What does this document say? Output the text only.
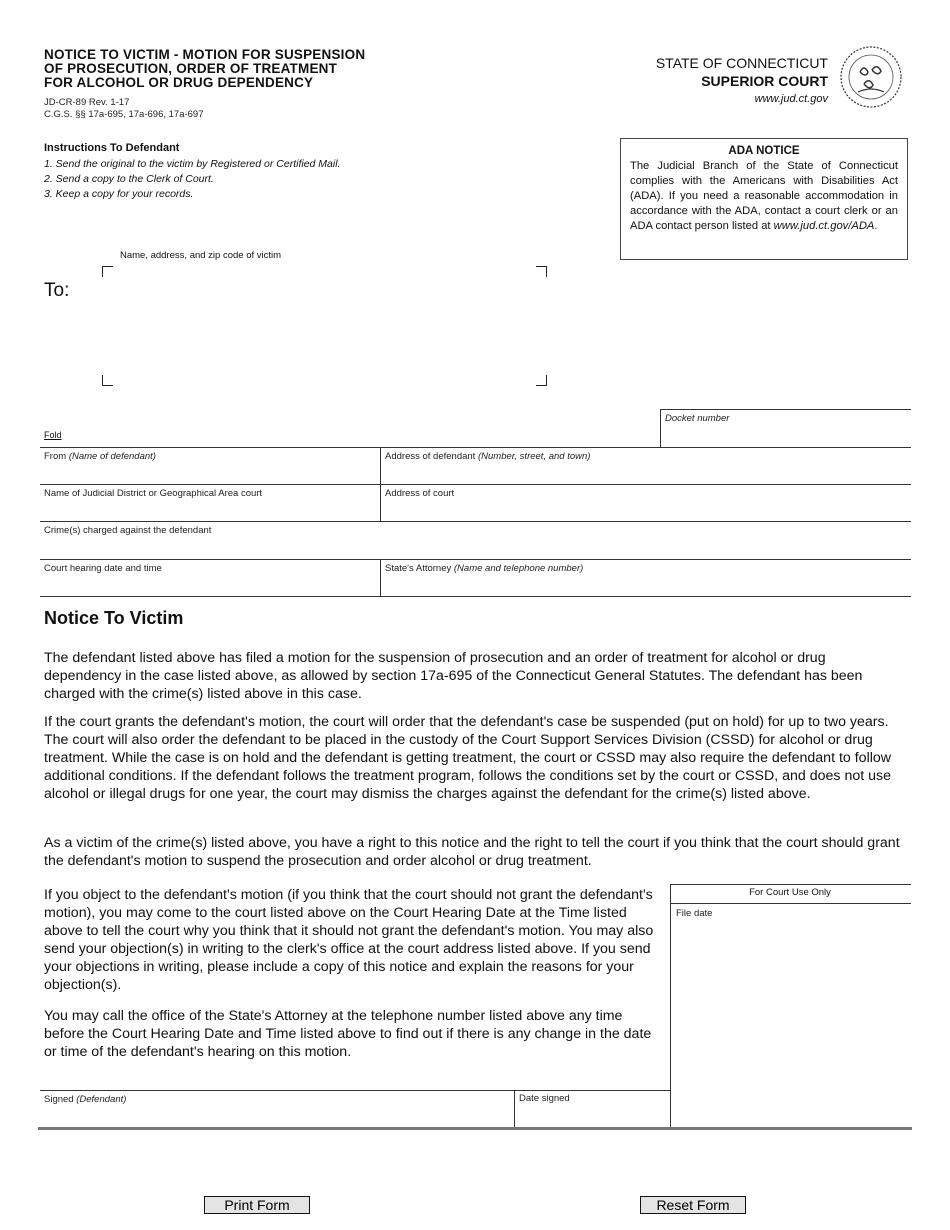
NOTICE TO VICTIM - MOTION FOR SUSPENSION
OF PROSECUTION, ORDER OF TREATMENT
FOR ALCOHOL OR DRUG DEPENDENCY
JD-CR-89 Rev. 1-17
C.G.S. §§ 17a-695, 17a-696, 17a-697
Instructions To Defendant
1. Send the original to the victim by Registered or Certified Mail.
2. Send a copy to the Clerk of Court.
3. Keep a copy for your records.
STATE OF CONNECTICUT
SUPERIOR COURT
www.jud.ct.gov
ADA NOTICE
The Judicial Branch of the State of Connecticut complies with the Americans with Disabilities Act (ADA). If you need a reasonable accommodation in accordance with the ADA, contact a court clerk or an ADA contact person listed at www.jud.ct.gov/ADA.
Name, address, and zip code of victim
To:
Fold
Docket number
From (Name of defendant)	Address of defendant (Number, street, and town)
Name of Judicial District or Geographical Area court	Address of court
Crime(s) charged against the defendant
Court hearing date and time	State's Attorney (Name and telephone number)
Notice To Victim

The defendant listed above has filed a motion for the suspension of prosecution and an order of treatment for alcohol or drug dependency in the case listed above, as allowed by section 17a-695 of the Connecticut General Statutes. The defendant has been charged with the crime(s) listed above in this case.

If the court grants the defendant's motion, the court will order that the defendant's case be suspended (put on hold) for up to two years. The court will also order the defendant to be placed in the custody of the Court Support Services Division (CSSD) for alcohol or drug treatment. While the case is on hold and the defendant is getting treatment, the court or CSSD may also require the defendant to follow additional conditions. If the defendant follows the treatment program, follows the conditions set by the court or CSSD, and does not use alcohol or illegal drugs for one year, the court may dismiss the charges against the defendant for the crime(s) listed above.

As a victim of the crime(s) listed above, you have a right to this notice and the right to tell the court if you think that the court should grant the defendant's motion to suspend the prosecution and order alcohol or drug treatment.

If you object to the defendant's motion (if you think that the court should not grant the defendant's motion), you may come to the court listed above on the Court Hearing Date at the Time listed above to tell the court why you think that it should not grant the defendant's motion. You may also send your objection(s) in writing to the clerk's office at the court address listed above. If you send your objections in writing, please include a copy of this notice and explain the reasons for your objection(s).

You may call the office of the State's Attorney at the telephone number listed above any time before the Court Hearing Date and Time listed above to find out if there is any change in the date or time of the defendant's hearing on this motion.

For Court Use Only
File date
Signed (Defendant)	Date signed
Print Form	Reset Form
